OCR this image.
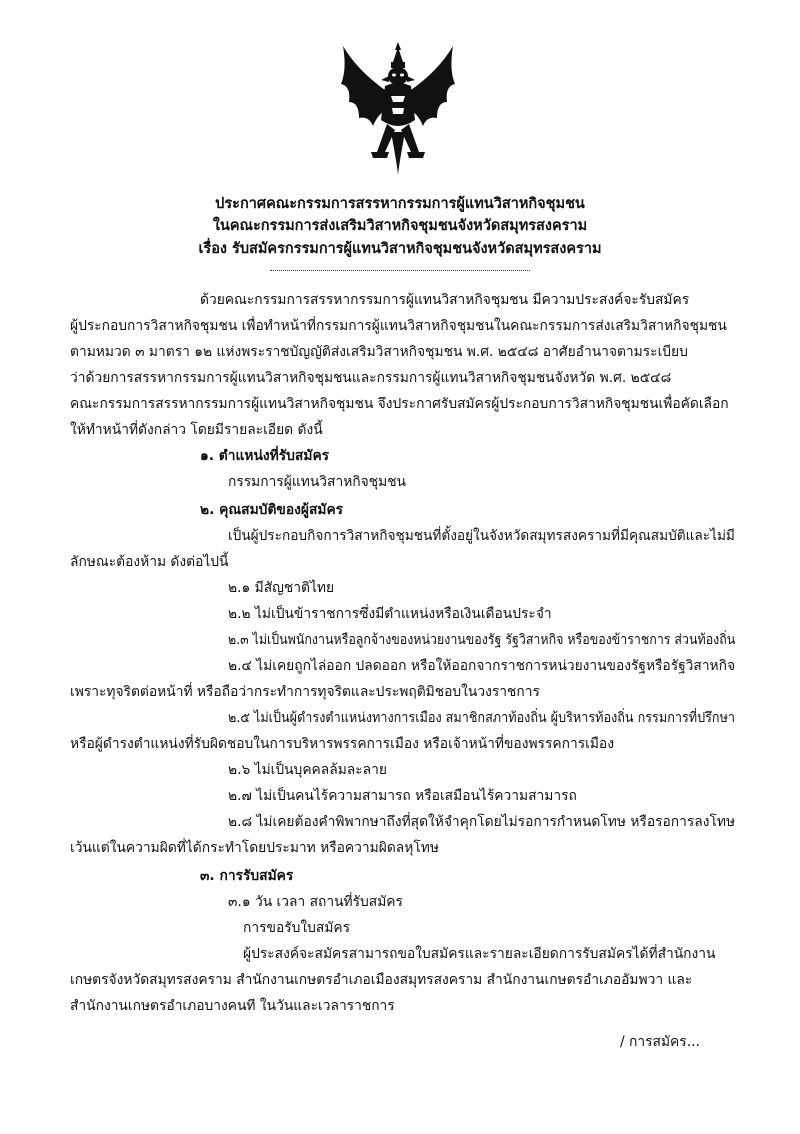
ประกาศคณะกรรมการสรรหากรรมการผู้แทนวิสาหกิจชุมชน
ในคณะกรรมการส่งเสริมวิสาหกิจชุมชนจังหวัดสมุทรสงคราม
เรื่อง รับสมัครกรรมการผู้แทนวิสาหกิจชุมชนจังหวัดสมุทรสงคราม
ด้วยคณะกรรมการสรรหากรรมการผู้แทนวิสาหกิจชุมชน มีความประสงค์จะรับสมัคร
ผู้ประกอบการวิสาหกิจชุมชน เพื่อทำหน้าที่กรรมการผู้แทนวิสาหกิจชุมชนในคณะกรรมการส่งเสริมวิสาหกิจชุมชน
ตามหมวด ๓ มาตรา ๑๒ แห่งพระราชบัญญัติส่งเสริมวิสาหกิจชุมชน พ.ศ. ๒๕๔๘ อาศัยอำนาจตามระเบียบ
ว่าด้วยการสรรหากรรมการผู้แทนวิสาหกิจชุมชนและกรรมการผู้แทนวิสาหกิจชุมชนจังหวัด พ.ศ. ๒๕๔๘
คณะกรรมการสรรหากรรมการผู้แทนวิสาหกิจชุมชน จึงประกาศรับสมัครผู้ประกอบการวิสาหกิจชุมชนเพื่อคัดเลือก
ให้ทำหน้าที่ดังกล่าว โดยมีรายละเอียด ดังนี้
๑. ตำแหน่งที่รับสมัคร
กรรมการผู้แทนวิสาหกิจชุมชน
๒. คุณสมบัติของผู้สมัคร
เป็นผู้ประกอบกิจการวิสาหกิจชุมชนที่ตั้งอยู่ในจังหวัดสมุทรสงครามที่มีคุณสมบัติและไม่มี
ลักษณะต้องห้าม ดังต่อไปนี้
๒.๑ มีสัญชาติไทย
๒.๒ ไม่เป็นข้าราชการซึ่งมีตำแหน่งหรือเงินเดือนประจำ
๒.๓ ไม่เป็นพนักงานหรือลูกจ้างของหน่วยงานของรัฐ รัฐวิสาหกิจ หรือของข้าราชการ ส่วนท้องถิ่น
๒.๔ ไม่เคยถูกไล่ออก ปลดออก หรือให้ออกจากราชการหน่วยงานของรัฐหรือรัฐวิสาหกิจ
เพราะทุจริตต่อหน้าที่ หรือถือว่ากระทำการทุจริตและประพฤติมิชอบในวงราชการ
๒.๕ ไม่เป็นผู้ดำรงตำแหน่งทางการเมือง สมาชิกสภาท้องถิ่น ผู้บริหารท้องถิ่น กรรมการที่ปรึกษา
หรือผู้ดำรงตำแหน่งที่รับผิดชอบในการบริหารพรรคการเมือง หรือเจ้าหน้าที่ของพรรคการเมือง
๒.๖ ไม่เป็นบุคคลล้มละลาย
๒.๗ ไม่เป็นคนไร้ความสามารถ หรือเสมือนไร้ความสามารถ
๒.๘ ไม่เคยต้องคำพิพากษาถึงที่สุดให้จำคุกโดยไม่รอการกำหนดโทษ หรือรอการลงโทษ
เว้นแต่ในความผิดที่ได้กระทำโดยประมาท หรือความผิดลหุโทษ
๓. การรับสมัคร
๓.๑ วัน เวลา สถานที่รับสมัคร
การขอรับใบสมัคร
ผู้ประสงค์จะสมัครสามารถขอใบสมัครและรายละเอียดการรับสมัครได้ที่สำนักงาน
เกษตรจังหวัดสมุทรสงคราม สำนักงานเกษตรอำเภอเมืองสมุทรสงคราม สำนักงานเกษตรอำเภออัมพวา และ
สำนักงานเกษตรอำเภอบางคนที ในวันและเวลาราชการ
/ การสมัคร...
